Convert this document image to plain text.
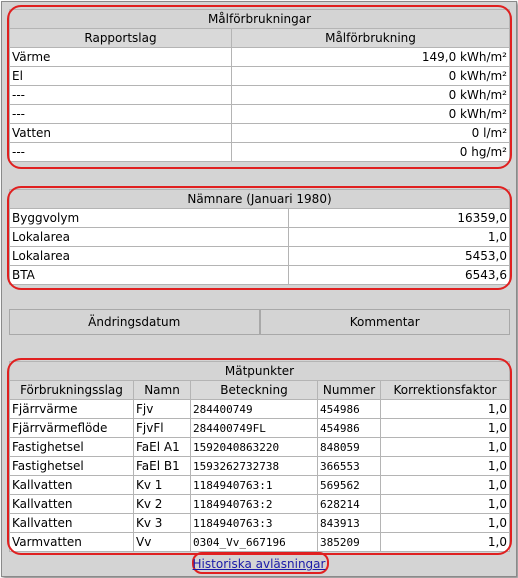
Målförbrukningar	
Rapportslag	Målförbrukning
Värme	149,0 kWh/m²
El	0 kWh/m²
---	0 kWh/m²
---	0 kWh/m²
Vatten	0 l/m²
---	0 hg/m²
Nämnare (Januari 1980)	
Byggvolym	16359,0
Lokalarea	1,0
Lokalarea	5453,0
BTA	6543,6
Ändringsdatum	Kommentar
Mätpunkter				
Förbrukningsslag	Namn	Beteckning	Nummer	Korrektionsfaktor
Fjärrvärme	Fjv	284400749	454986	1,0
Fjärrvärmeflöde	FjvFl	284400749FL	454986	1,0
Fastighetsel	FaEl A1	1592040863220	848059	1,0
Fastighetsel	FaEl B1	1593262732738	366553	1,0
Kallvatten	Kv 1	1184940763:1	569562	1,0
Kallvatten	Kv 2	1184940763:2	628214	1,0
Kallvatten	Kv 3	1184940763:3	843913	1,0
Varmvatten	Vv	0304_Vv_667196	385209	1,0
Historiska avläsningar
